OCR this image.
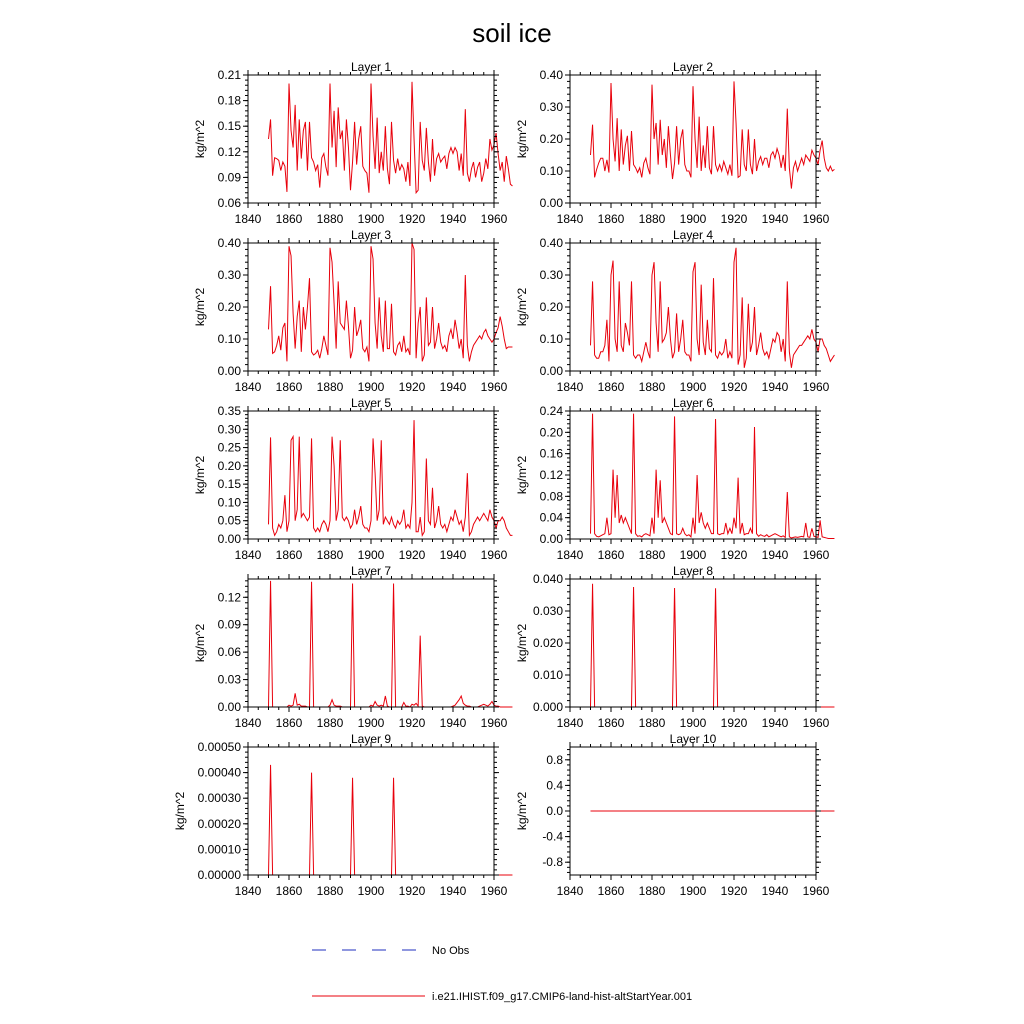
soil ice
1840 1860 1880 1900 1920 1940 1960
0.06
0.09
0.12
0.15
0.18
0.21
Layer 1
kg/m^2
1840 1860 1880 1900 1920 1940 1960
0.00
0.10
0.20
0.30
0.40
Layer 2
kg/m^2
1840 1860 1880 1900 1920 1940 1960
0.00
0.10
0.20
0.30
0.40
Layer 3
kg/m^2
1840 1860 1880 1900 1920 1940 1960
0.00
0.10
0.20
0.30
0.40
Layer 4
kg/m^2
1840 1860 1880 1900 1920 1940 1960
0.00
0.05
0.10
0.15
0.20
0.25
0.30
0.35
Layer 5
kg/m^2
1840 1860 1880 1900 1920 1940 1960
0.00
0.04
0.08
0.12
0.16
0.20
0.24
Layer 6
kg/m^2
1840 1860 1880 1900 1920 1940 1960
0.00
0.03
0.06
0.09
0.12
Layer 7
kg/m^2
1840 1860 1880 1900 1920 1940 1960
0.000
0.010
0.020
0.030
0.040
Layer 8
kg/m^2
1840 1860 1880 1900 1920 1940 1960
0.00000
0.00010
0.00020
0.00030
0.00040
0.00050
Layer 9
kg/m^2
1840 1860 1880 1900 1920 1940 1960
-0.8
-0.4
0.0
0.4
0.8
Layer 10
kg/m^2
No Obs
i.e21.IHIST.f09_g17.CMIP6-land-hist-altStartYear.001
